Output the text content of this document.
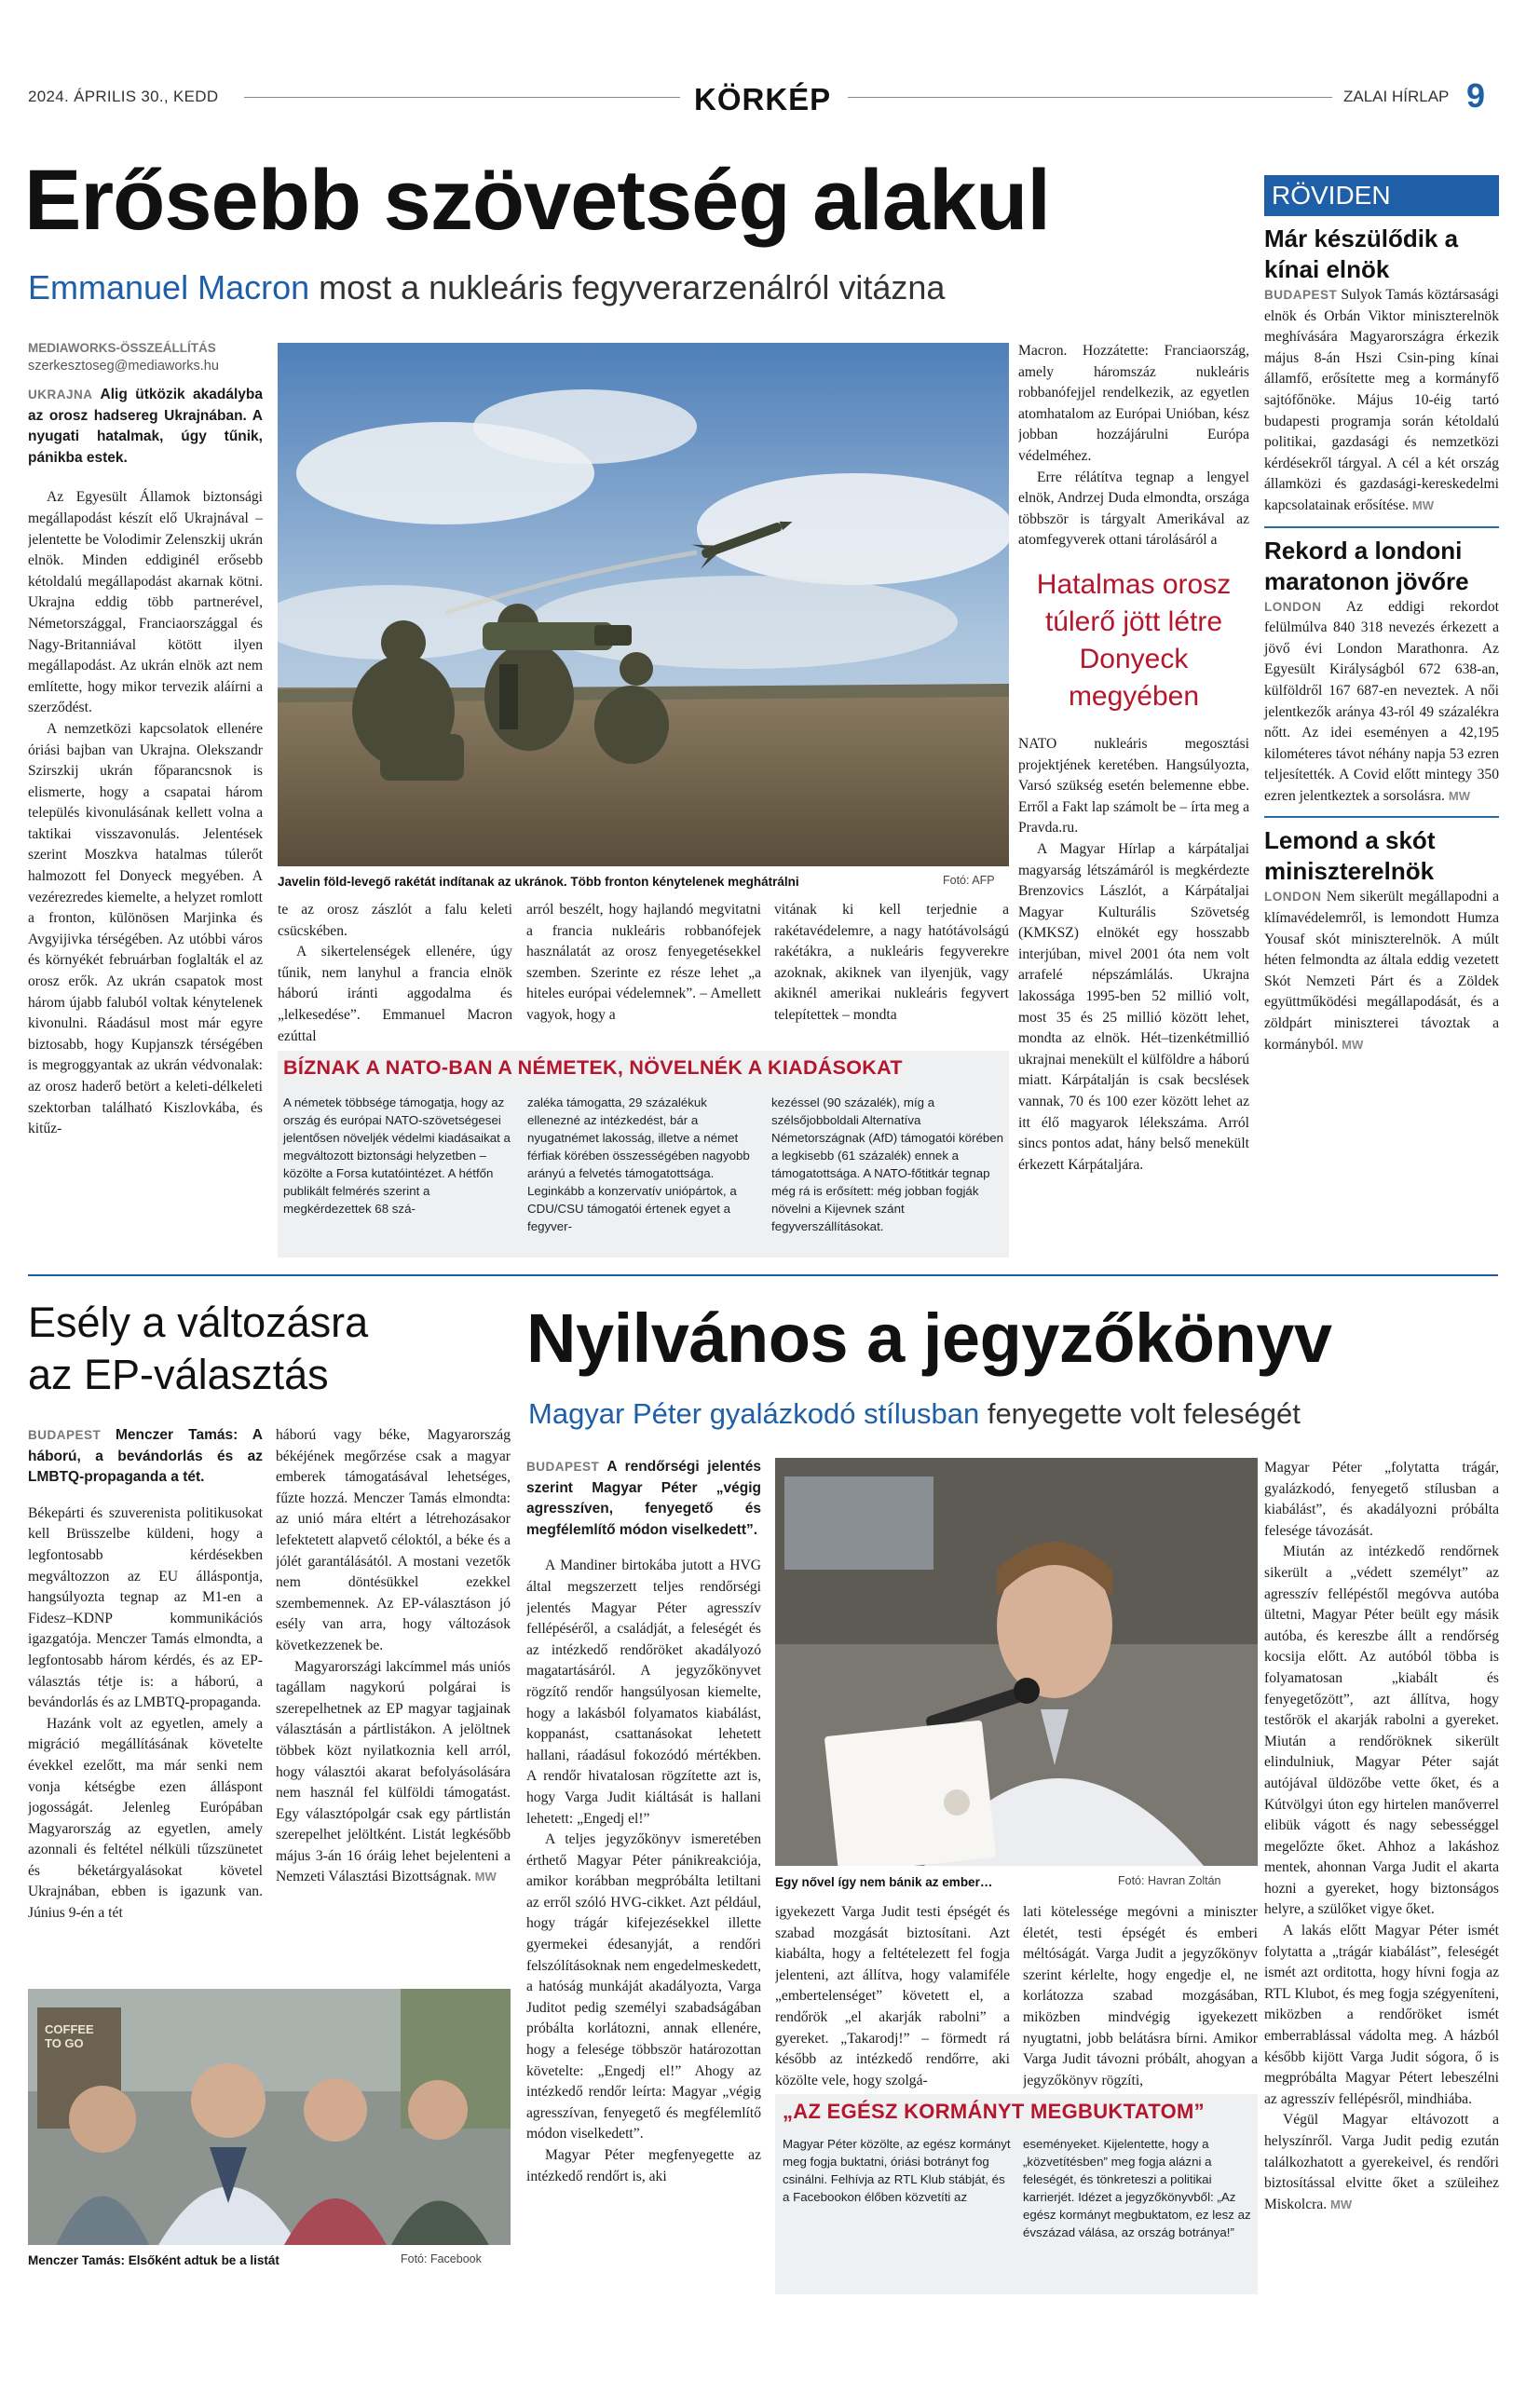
2024. ÁPRILIS 30., KEDD	KÖRKÉP	ZALAI HÍRLAP 9
Erősebb szövetség alakul
Emmanuel Macron most a nukleáris fegyverarzenálról vitázna
MEDIAWORKS-ÖSSZEÁLLÍTÁS
szerkesztoseg@mediaworks.hu
UKRAJNA Alig ütközik akadályba az orosz hadsereg Ukrajnában. A nyugati hatalmak, úgy tűnik, pánikba estek.

Az Egyesült Államok biztonsági megállapodást készít elő Ukrajnával – jelentette be Volodimir Zelenszkij ukrán elnök. Minden eddiginél erősebb kétoldalú megállapodást akarnak kötni. Ukrajna eddig több partnerével, Németországgal, Franciaországgal és Nagy-Britanniával kötött ilyen megállapodást. Az ukrán elnök azt nem említette, hogy mikor tervezik aláírni a szerződést.

A nemzetközi kapcsolatok ellenére óriási bajban van Ukrajna. Olekszandr Szirszkij ukrán főparancsnok is elismerte, hogy a csapatai három település kivonulásának kellett volna a taktikai visszavonulás. Jelentések szerint Moszkva hatalmas túlerőt halmozott fel Donyeck megyében. A vezérezredes kiemelte, a helyzet romlott a fronton, különösen Marjinka és Avgyijivka térségében. Az utóbbi város és környékét februárban foglalták el az orosz erők. Az ukrán csapatok most három újabb faluból voltak kénytelenek kivonulni. Ráadásul most már egyre biztosabb, hogy Kupjanszk térségében is megroggyantak az ukrán védvonalak: az orosz haderő betört a keleti-délkeleti szektorban található Kiszlovkába, és kitűz-

Javelin föld-levegő rakétát indítanak az ukránok. Több fronton kénytelenek meghátrálni	Fotó: AFP

te az orosz zászlót a falu keleti csücskében.

A sikertelenségek ellenére, úgy tűnik, nem lanyhul a francia elnök háború iránti aggodalma és „lelkesedése”. Emmanuel Macron ezúttal

arról beszélt, hogy hajlandó megvitatni a francia nukleáris robbanófejek használatát az orosz fenyegetésekkel szemben. Szerinte ez része lehet „a hiteles európai védelemnek”. – Amellett vagyok, hogy a

vitának ki kell terjednie a rakétavédelemre, a nagy hatótávolságú rakétákra, a nukleáris fegyverekre azoknak, akiknek van ilyenjük, vagy akiknél amerikai nukleáris fegyvert telepítettek – mondta

BÍZNAK A NATO-BAN A NÉMETEK, NÖVELNÉK A KIADÁSOKAT
A németek többsége támogatja, hogy az ország és európai NATO-szövetségesei jelentősen növeljék védelmi kiadásaikat a megváltozott biztonsági helyzetben – közölte a Forsa kutatóintézet. A hétfőn publikált felmérés szerint a megkérdezettek 68 szá-
zaléka támogatta, 29 százalékuk ellenezné az intézkedést, bár a nyugatnémet lakosság, illetve a német férfiak körében összességében nagyobb arányú a felvetés támogatottsága. Leginkább a konzervatív uniópártok, a CDU/CSU támogatói értenek egyet a fegyver-
kezéssel (90 százalék), míg a szélsőjobboldali Alternatíva Németországnak (AfD) támogatói körében a legkisebb (61 százalék) ennek a támogatottsága. A NATO-főtitkár tegnap még rá is erősített: még jobban fogják növelni a Kijevnek szánt fegyverszállításokat.

Macron. Hozzátette: Franciaország, amely háromszáz nukleáris robbanófejjel rendelkezik, az egyetlen atomhatalom az Európai Unióban, kész jobban hozzájárulni Európa védelméhez.

Erre rélátítva tegnap a lengyel elnök, Andrzej Duda elmondta, országa többször is tárgyalt Amerikával az atomfegyverek ottani tárolásáról a

Hatalmas orosz túlerő jött létre Donyeck megyében

NATO nukleáris megosztási projektjének keretében. Hangsúlyozta, Varsó szükség esetén belemenne ebbe. Erről a Fakt lap számolt be – írta meg a Pravda.ru.

A Magyar Hírlap a kárpátaljai magyarság létszámáról is megkérdezte Brenzovics Lászlót, a Kárpátaljai Magyar Kulturális Szövetség (KMKSZ) elnökét egy hosszabb interjúban, mivel 2001 óta nem volt arrafelé népszámlálás. Ukrajna lakossága 1995-ben 52 millió volt, most 35 és 25 millió között lehet, mondta az elnök. Hét–tizenkétmillió ukrajnai menekült el külföldre a háború miatt. Kárpátalján is csak becslések vannak, 70 és 100 ezer között lehet az itt élő magyarok lélekszáma. Arról sincs pontos adat, hány belső menekült érkezett Kárpátaljára.

RÖVIDEN
Már készülődik a kínai elnök
BUDAPEST Sulyok Tamás köztársasági elnök és Orbán Viktor miniszterelnök meghívására Magyarországra érkezik május 8-án Hszi Csin-ping kínai államfő, erősítette meg a kormányfő sajtófőnöke. Május 10-éig tartó budapesti programja során kétoldalú politikai, gazdasági és nemzetközi kérdésekről tárgyal. A cél a két ország államközi és gazdasági-kereskedelmi kapcsolatainak erősítése. MW
Rekord a londoni maratonon jövőre
LONDON Az eddigi rekordot felülmúlva 840 318 nevezés érkezett a jövő évi London Marathonra. Az Egyesült Királyságból 672 638-an, külföldről 167 687-en neveztek. A női jelentkezők aránya 43-ról 49 százalékra nőtt. Az idei eseményen a 42,195 kilométeres távot néhány napja 53 ezren teljesítették. A Covid előtt mintegy 350 ezren jelentkeztek a sorsolásra. MW
Lemond a skót miniszterelnök
LONDON Nem sikerült megállapodni a klímavédelemről, is lemondott Humza Yousaf skót miniszterelnök. A múlt héten felmondta az általa eddig vezetett Skót Nemzeti Párt és a Zöldek együttműködési megállapodását, és a zöldpárt miniszterei távoztak a kormányból. MW
Esély a változásra az EP-választás
BUDAPEST Menczer Tamás: A háború, a bevándorlás és az LMBTQ-propaganda a tét.

Békepárti és szuverenista politikusokat kell Brüsszelbe küldeni, hogy a legfontosabb kérdésekben megváltozzon az EU álláspontja, hangsúlyozta tegnap az M1-en a Fidesz–KDNP kommunikációs igazgatója. Menczer Tamás elmondta, a legfontosabb három kérdés, és az EP-választás tétje is: a háború, a bevándorlás és az LMBTQ-propaganda.

Hazánk volt az egyetlen, amely a migráció megállításának követelte évekkel ezelőtt, ma már senki nem vonja kétségbe ezen álláspont jogosságát. Jelenleg Európában Magyarország az egyetlen, amely azonnali és feltétel nélküli tűzszünetet és béketárgyalásokat követel Ukrajnában, ebben is igazunk van. Június 9-én a tét

háború vagy béke, Magyarország békéjének megőrzése csak a magyar emberek támogatásával lehetséges, fűzte hozzá. Menczer Tamás elmondta: az unió mára eltért a létrehozásakor lefektetett alapvető céloktól, a béke és a jólét garantálásától. A mostani vezetők nem döntésükkel ezekkel szembemennek. Az EP-választáson jó esély van arra, hogy változások következzenek be.

Magyarországi lakcímmel más uniós tagállam nagykorú polgárai is szerepelhetnek az EP magyar tagjainak választásán a pártlistákon. A jelöltnek többek közt nyilatkoznia kell arról, hogy választói akarat befolyásolására nem használ fel külföldi támogatást. Egy választópolgár csak egy pártlistán szerepelhet jelöltként. Listát legkésőbb május 3-án 16 óráig lehet bejelenteni a Nemzeti Választási Bizottságnak. MW

COFFEE TO GO
Menczer Tamás: Elsőként adtuk be a listát	Fotó: Facebook
Nyilvános a jegyzőkönyv
Magyar Péter gyalázkodó stílusban fenyegette volt feleségét
BUDAPEST A rendőrségi jelentés szerint Magyar Péter „végig agresszíven, fenyegető és megfélemlítő módon viselkedett”.

A Mandiner birtokába jutott a HVG által megszerzett teljes rendőrségi jelentés Magyar Péter agresszív fellépéséről, a családját, a feleségét és az intézkedő rendőröket akadályozó magatartásáról. A jegyzőkönyvet rögzítő rendőr hangsúlyosan kiemelte, hogy a lakásból folyamatos kiabálást, koppanást, csattanásokat lehetett hallani, ráadásul fokozódó mértékben. A rendőr hivatalosan rögzítette azt is, hogy Varga Judit kiáltását is hallani lehetett: „Engedj el!”

A teljes jegyzőkönyv ismeretében érthető Magyar Péter pánikreakciója, amikor korábban megpróbálta letiltani az erről szóló HVG-cikket. Azt például, hogy trágár kifejezésekkel illette gyermekei édesanyját, a rendőri felszólításoknak nem engedelmeskedett, a hatóság munkáját akadályozta, Varga Juditot pedig személyi szabadságában próbálta korlátozni, annak ellenére, hogy a felesége többször határozottan követelte: „Engedj el!” Ahogy az intézkedő rendőr leírta: Magyar „végig agresszívan, fenyegető és megfélemlítő módon viselkedett”.

Magyar Péter megfenyegette az intézkedő rendőrt is, aki

Egy nővel így nem bánik az ember…	Fotó: Havran Zoltán

igyekezett Varga Judit testi épségét és szabad mozgását biztosítani. Azt kiabálta, hogy a feltételezett fel fogja jelenteni, azt állítva, hogy valamiféle „embertelenséget” követett el, a rendőrök „el akarják rabolni” a gyereket. „Takarodj!” – förmedt rá később az intézkedő rendőrre, aki közölte vele, hogy szolgá-

lati kötelessége megóvni a miniszter életét, testi épségét és emberi méltóságát. Varga Judit a jegyzőkönyv szerint kérlelte, hogy engedje el, ne korlátozza szabad mozgásában, miközben mindvégig igyekezett nyugtatni, jobb belátásra bírni. Amikor Varga Judit távozni próbált, ahogyan a jegyzőkönyv rögzíti,

„AZ EGÉSZ KORMÁNYT MEGBUKTATOM”
Magyar Péter közölte, az egész kormányt meg fogja buktatni, óriási botrányt fog csinálni. Felhívja az RTL Klub stábját, és a Facebookon élőben közvetíti az
eseményeket. Kijelentette, hogy a „közvetítésben” meg fogja alázni a feleségét, és tönkreteszi a politikai karrierjét. Idézet a jegyzőkönyvből: „Az egész kormányt megbuktatom, ez lesz az évszázad válása, az ország botránya!”

Magyar Péter „folytatta trágár, gyalázkodó, fenyegető stílusban a kiabálást”, és akadályozni próbálta felesége távozását.

Miután az intézkedő rendőrnek sikerült a „védett személyt” az agresszív fellépéstől megóvva autóba ültetni, Magyar Péter beült egy másik autóba, és kereszbe állt a rendőrség kocsija előtt. Az autóból többa is folyamatosan „kiabált és fenyegetőzött”, azt állítva, hogy testőrök el akarják rabolni a gyereket. Miután a rendőröknek sikerült elindulniuk, Magyar Péter saját autójával üldözőbe vette őket, és a Kútvölgyi úton egy hirtelen manőverrel elibük vágott és nagy sebességgel megelőzte őket. Ahhoz a lakáshoz mentek, ahonnan Varga Judit el akarta hozni a gyereket, hogy biztonságos helyre, a szülőket vigye őket.

A lakás előtt Magyar Péter ismét folytatta a „trágár kiabálást”, feleségét ismét azt orditotta, hogy hívni fogja az RTL Klubot, és meg fogja szégyeníteni, miközben a rendőröket ismét emberrablással vádolta meg. A házból később kijött Varga Judit sógora, ő is megpróbálta Magyar Pétert lebeszélni az agresszív fellépésről, mindhiába.

Végül Magyar eltávozott a helyszínről. Varga Judit pedig ezután találkozhatott a gyerekeivel, és rendőri biztosítással elvitte őket a szüleihez Miskolcra. MW
